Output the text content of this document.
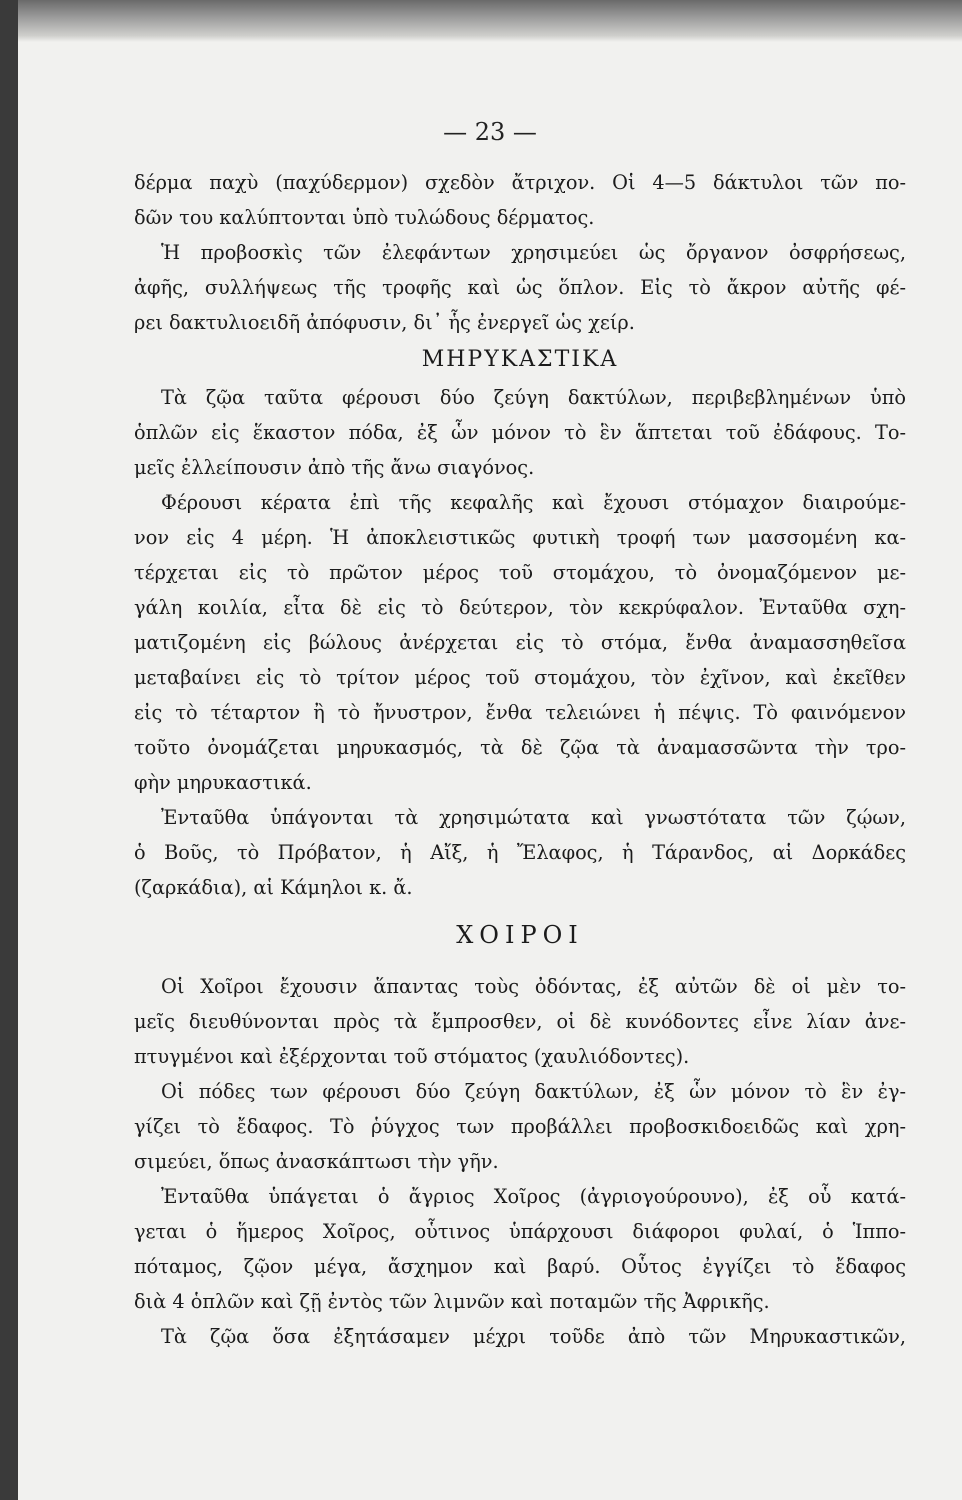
— 23 —

δέρμα παχὺ (παχύδερμον) σχεδὸν ἄτριχον. Οἱ 4—5 δάκτυλοι τῶν πο-

δῶν του καλύπτονται ὑπὸ τυλώδους δέρματος.

Ἡ προβοσκὶς τῶν ἐλεφάντων χρησιμεύει ὡς ὄργανον ὀσφρήσεως,

ἀφῆς, συλλήψεως τῆς τροφῆς καὶ ὡς ὅπλον. Εἰς τὸ ἄκρον αὐτῆς φέ-

ρει δακτυλιοειδῆ ἀπόφυσιν, δι᾽ ἧς ἐνεργεῖ ὡς χείρ.

ΜΗΡΥΚΑΣΤΙΚΑ

Τὰ ζῷα ταῦτα φέρουσι δύο ζεύγη δακτύλων, περιβεβλημένων ὑπὸ

ὁπλῶν εἰς ἕκαστον πόδα, ἐξ ὧν μόνον τὸ ἓν ἅπτεται τοῦ ἐδάφους. Το-

μεῖς ἐλλείπουσιν ἀπὸ τῆς ἄνω σιαγόνος.

Φέρουσι κέρατα ἐπὶ τῆς κεφαλῆς καὶ ἔχουσι στόμαχον διαιρούμε-

νον εἰς 4 μέρη. Ἡ ἀποκλειστικῶς φυτικὴ τροφή των μασσομένη κα-

τέρχεται εἰς τὸ πρῶτον μέρος τοῦ στομάχου, τὸ ὀνομαζόμενον με-

γάλη κοιλία, εἶτα δὲ εἰς τὸ δεύτερον, τὸν κεκρύφαλον. Ἐνταῦθα σχη-

ματιζομένη εἰς βώλους ἀνέρχεται εἰς τὸ στόμα, ἔνθα ἀναμασσηθεῖσα

μεταβαίνει εἰς τὸ τρίτον μέρος τοῦ στομάχου, τὸν ἐχῖνον, καὶ ἐκεῖθεν

εἰς τὸ τέταρτον ἢ τὸ ἤνυστρον, ἔνθα τελειώνει ἡ πέψις. Τὸ φαινόμενον

τοῦτο ὀνομάζεται μηρυκασμός, τὰ δὲ ζῷα τὰ ἀναμασσῶντα τὴν τρο-

φὴν μηρυκαστικά.

Ἐνταῦθα ὑπάγονται τὰ χρησιμώτατα καὶ γνωστότατα τῶν ζῴων,

ὁ Βοῦς, τὸ Πρόβατον, ἡ Αἴξ, ἡ Ἔλαφος, ἡ Τάρανδος, αἱ Δορκάδες

(ζαρκάδια), αἱ Κάμηλοι κ. ἄ.

ΧΟΙΡΟΙ

Οἱ Χοῖροι ἔχουσιν ἅπαντας τοὺς ὀδόντας, ἐξ αὐτῶν δὲ οἱ μὲν το-

μεῖς διευθύνονται πρὸς τὰ ἔμπροσθεν, οἱ δὲ κυνόδοντες εἶνε λίαν ἀνε-

πτυγμένοι καὶ ἐξέρχονται τοῦ στόματος (χαυλιόδοντες).

Οἱ πόδες των φέρουσι δύο ζεύγη δακτύλων, ἐξ ὧν μόνον τὸ ἓν ἐγ-

γίζει τὸ ἔδαφος. Τὸ ῥύγχος των προβάλλει προβοσκιδοειδῶς καὶ χρη-

σιμεύει, ὅπως ἀνασκάπτωσι τὴν γῆν.

Ἐνταῦθα ὑπάγεται ὁ ἄγριος Χοῖρος (ἀγριογούρουνο), ἐξ οὗ κατά-

γεται ὁ ἥμερος Χοῖρος, οὗτινος ὑπάρχουσι διάφοροι φυλαί, ὁ Ἱππο-

πόταμος, ζῷον μέγα, ἄσχημον καὶ βαρύ. Οὗτος ἐγγίζει τὸ ἔδαφος

διὰ 4 ὁπλῶν καὶ ζῇ ἐντὸς τῶν λιμνῶν καὶ ποταμῶν τῆς Ἀφρικῆς.

Τὰ ζῷα ὅσα ἐξητάσαμεν μέχρι τοῦδε ἀπὸ τῶν Μηρυκαστικῶν,
